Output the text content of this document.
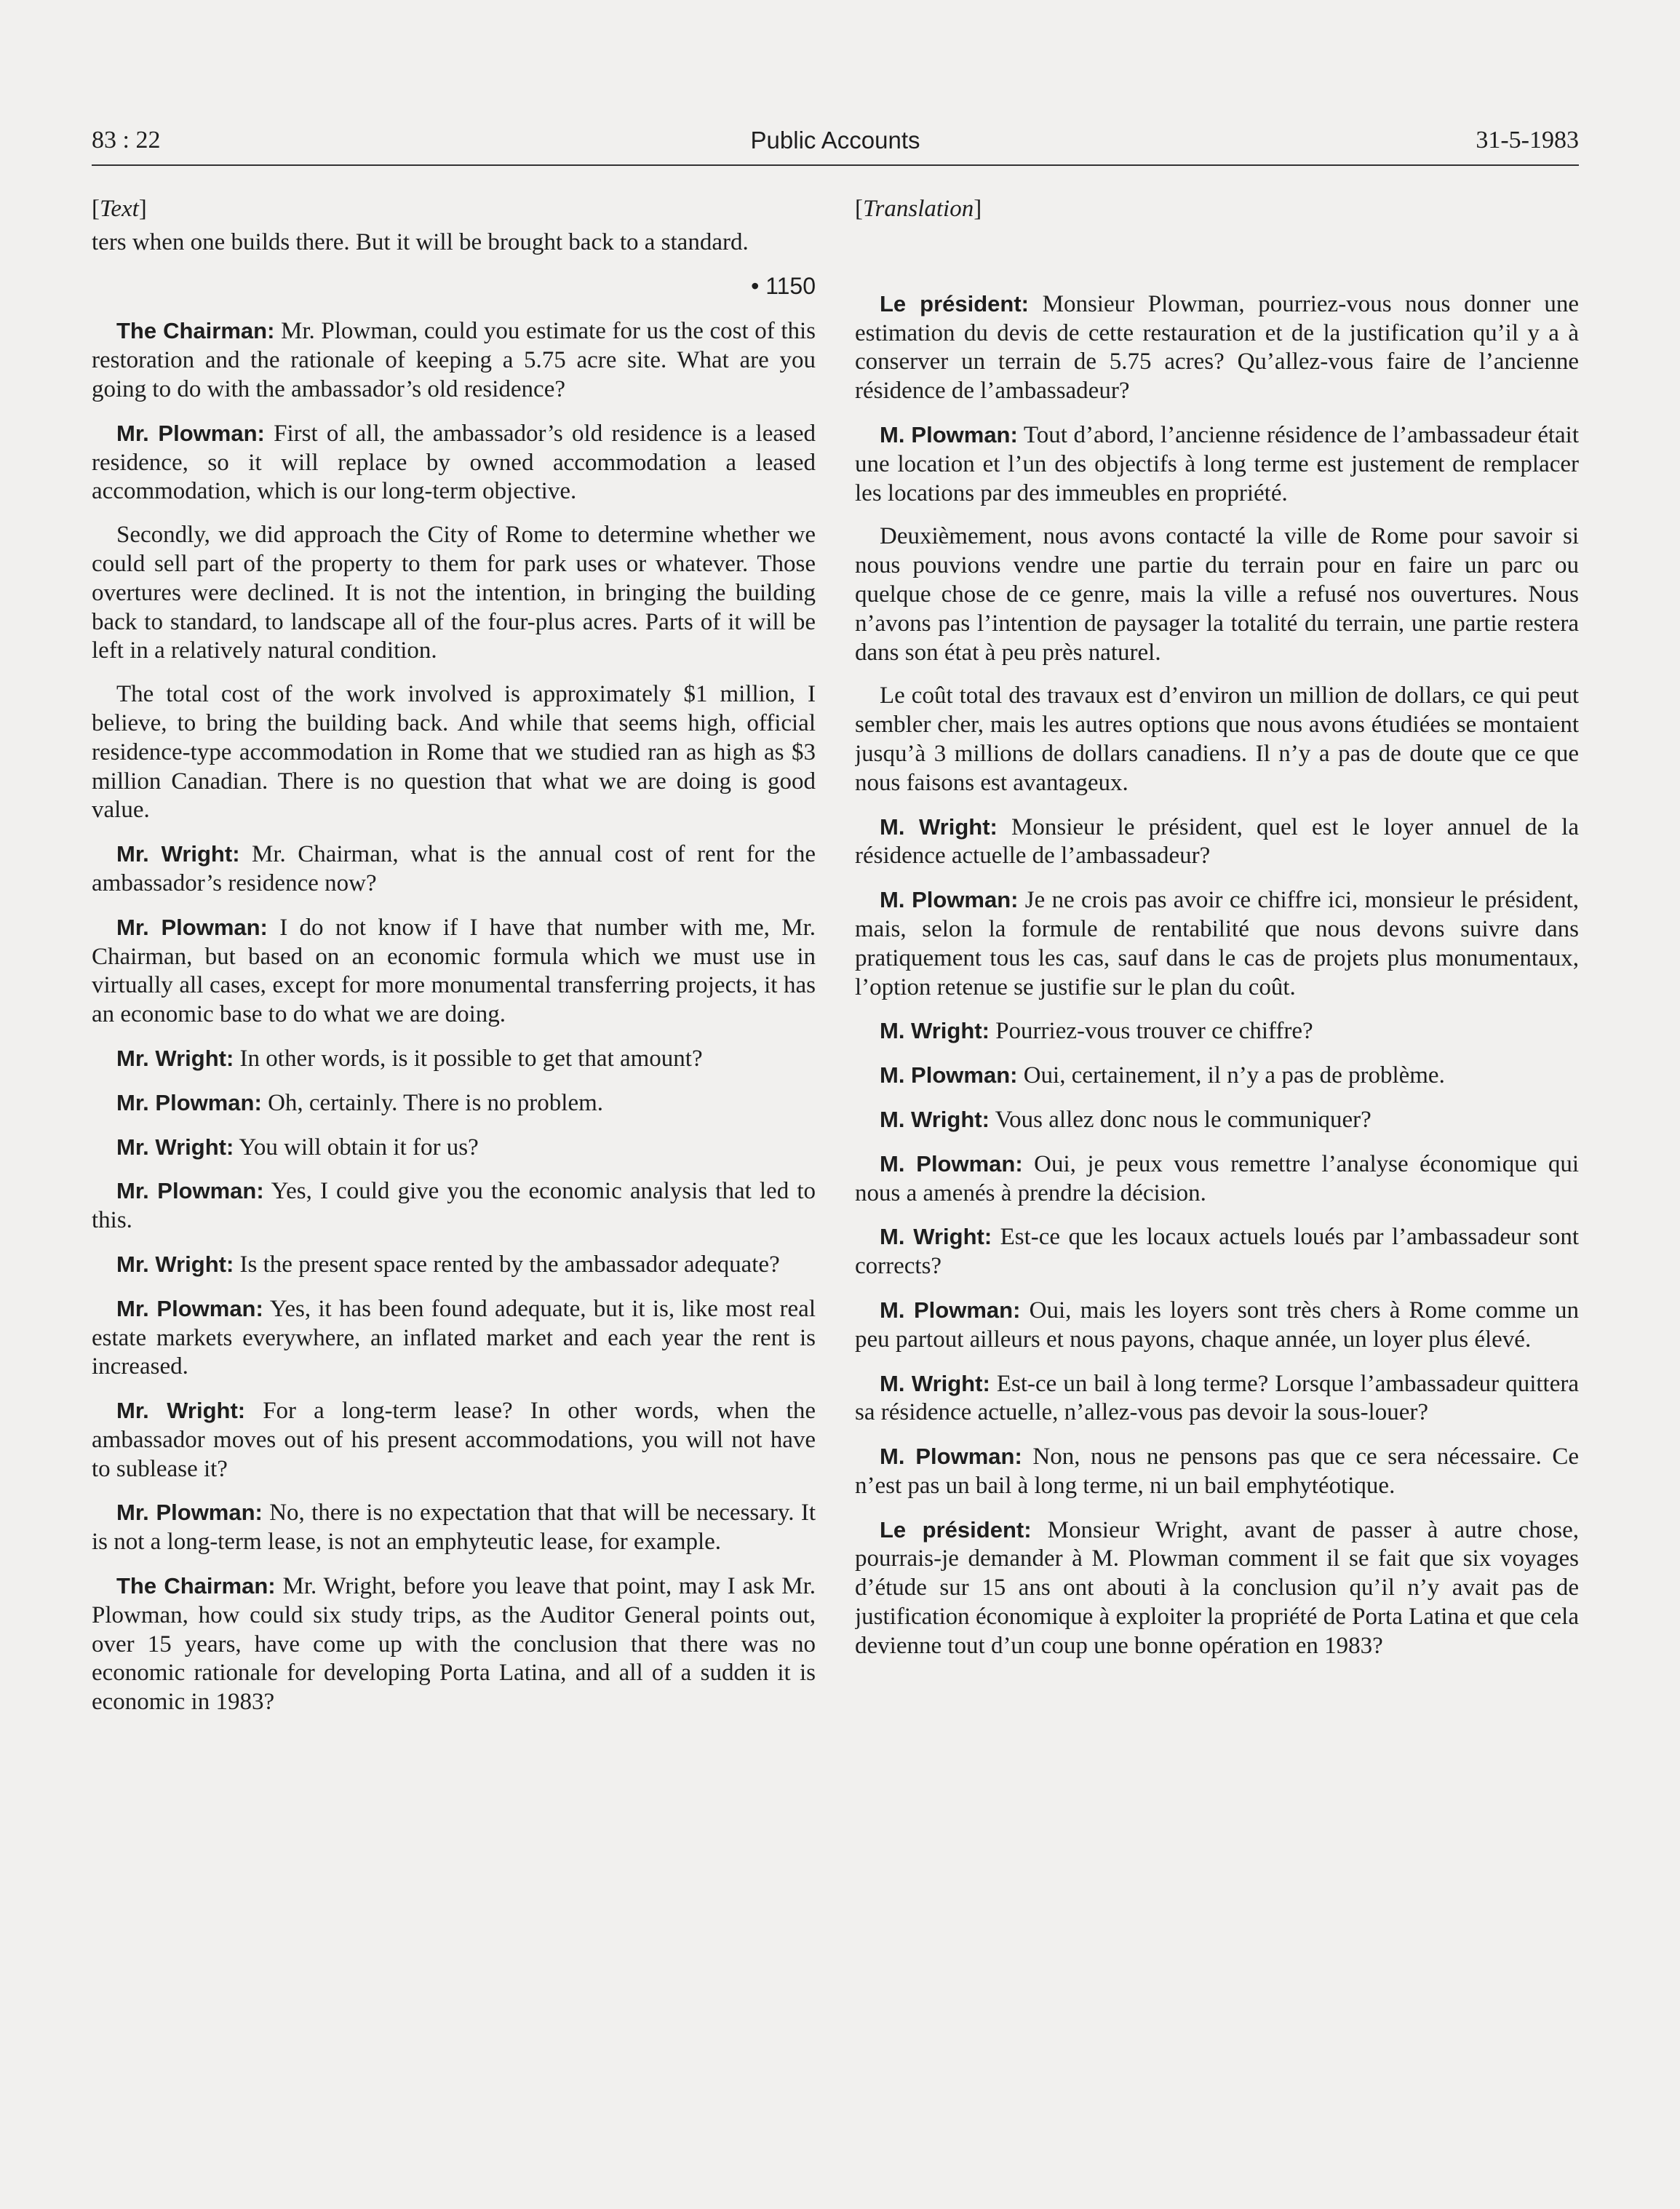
83 : 22	Public Accounts	31-5-1983
[Text]

ters when one builds there. But it will be brought back to a standard.

• 1150

The Chairman: Mr. Plowman, could you estimate for us the cost of this restoration and the rationale of keeping a 5.75 acre site. What are you going to do with the ambassador’s old residence?

Mr. Plowman: First of all, the ambassador’s old residence is a leased residence, so it will replace by owned accommodation a leased accommodation, which is our long-term objective.

Secondly, we did approach the City of Rome to determine whether we could sell part of the property to them for park uses or whatever. Those overtures were declined. It is not the intention, in bringing the building back to standard, to landscape all of the four-plus acres. Parts of it will be left in a relatively natural condition.

The total cost of the work involved is approximately $1 million, I believe, to bring the building back. And while that seems high, official residence-type accommodation in Rome that we studied ran as high as $3 million Canadian. There is no question that what we are doing is good value.

Mr. Wright: Mr. Chairman, what is the annual cost of rent for the ambassador’s residence now?

Mr. Plowman: I do not know if I have that number with me, Mr. Chairman, but based on an economic formula which we must use in virtually all cases, except for more monumental transferring projects, it has an economic base to do what we are doing.

Mr. Wright: In other words, is it possible to get that amount?

Mr. Plowman: Oh, certainly. There is no problem.

Mr. Wright: You will obtain it for us?

Mr. Plowman: Yes, I could give you the economic analysis that led to this.

Mr. Wright: Is the present space rented by the ambassador adequate?

Mr. Plowman: Yes, it has been found adequate, but it is, like most real estate markets everywhere, an inflated market and each year the rent is increased.

Mr. Wright: For a long-term lease? In other words, when the ambassador moves out of his present accommodations, you will not have to sublease it?

Mr. Plowman: No, there is no expectation that that will be necessary. It is not a long-term lease, is not an emphyteutic lease, for example.

The Chairman: Mr. Wright, before you leave that point, may I ask Mr. Plowman, how could six study trips, as the Auditor General points out, over 15 years, have come up with the conclusion that there was no economic rationale for developing Porta Latina, and all of a sudden it is economic in 1983?

[Translation]

Le président: Monsieur Plowman, pourriez-vous nous donner une estimation du devis de cette restauration et de la justification qu’il y a à conserver un terrain de 5.75 acres? Qu’allez-vous faire de l’ancienne résidence de l’ambassadeur?

M. Plowman: Tout d’abord, l’ancienne résidence de l’ambassadeur était une location et l’un des objectifs à long terme est justement de remplacer les locations par des immeubles en propriété.

Deuxièmement, nous avons contacté la ville de Rome pour savoir si nous pouvions vendre une partie du terrain pour en faire un parc ou quelque chose de ce genre, mais la ville a refusé nos ouvertures. Nous n’avons pas l’intention de paysager la totalité du terrain, une partie restera dans son état à peu près naturel.

Le coût total des travaux est d’environ un million de dollars, ce qui peut sembler cher, mais les autres options que nous avons étudiées se montaient jusqu’à 3 millions de dollars canadiens. Il n’y a pas de doute que ce que nous faisons est avantageux.

M. Wright: Monsieur le président, quel est le loyer annuel de la résidence actuelle de l’ambassadeur?

M. Plowman: Je ne crois pas avoir ce chiffre ici, monsieur le président, mais, selon la formule de rentabilité que nous devons suivre dans pratiquement tous les cas, sauf dans le cas de projets plus monumentaux, l’option retenue se justifie sur le plan du coût.

M. Wright: Pourriez-vous trouver ce chiffre?

M. Plowman: Oui, certainement, il n’y a pas de problème.

M. Wright: Vous allez donc nous le communiquer?

M. Plowman: Oui, je peux vous remettre l’analyse économique qui nous a amenés à prendre la décision.

M. Wright: Est-ce que les locaux actuels loués par l’ambassadeur sont corrects?

M. Plowman: Oui, mais les loyers sont très chers à Rome comme un peu partout ailleurs et nous payons, chaque année, un loyer plus élevé.

M. Wright: Est-ce un bail à long terme? Lorsque l’ambassadeur quittera sa résidence actuelle, n’allez-vous pas devoir la sous-louer?

M. Plowman: Non, nous ne pensons pas que ce sera nécessaire. Ce n’est pas un bail à long terme, ni un bail emphytéotique.

Le président: Monsieur Wright, avant de passer à autre chose, pourrais-je demander à M. Plowman comment il se fait que six voyages d’étude sur 15 ans ont abouti à la conclusion qu’il n’y avait pas de justification économique à exploiter la propriété de Porta Latina et que cela devienne tout d’un coup une bonne opération en 1983?
